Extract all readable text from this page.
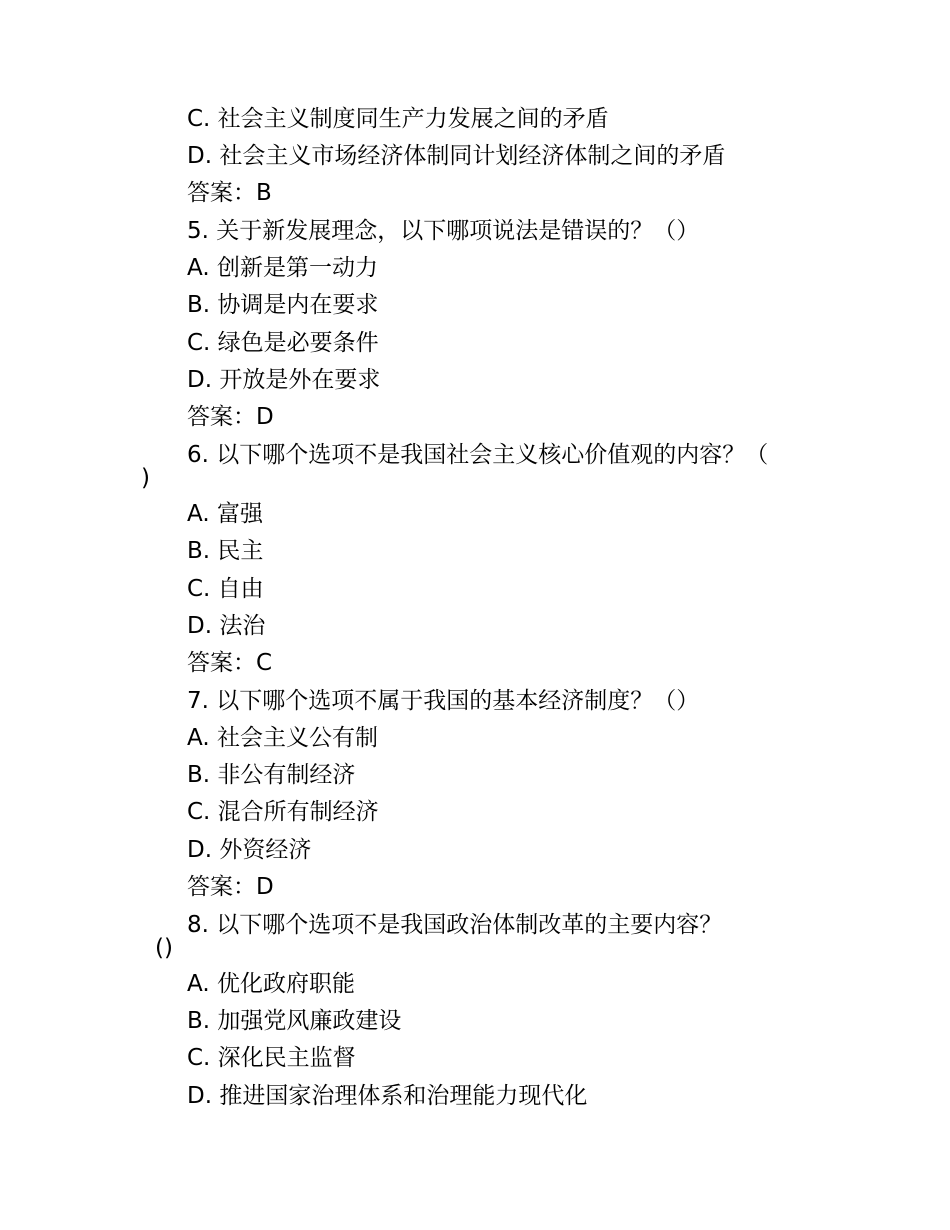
C. 社会主义制度同生产力发展之间的矛盾
D. 社会主义市场经济体制同计划经济体制之间的矛盾
答案：B
5. 关于新发展理念，以下哪项说法是错误的？（）
A. 创新是第一动力
B. 协调是内在要求
C. 绿色是必要条件
D. 开放是外在要求
答案：D
6. 以下哪个选项不是我国社会主义核心价值观的内容？（
)
A. 富强
B. 民主
C. 自由
D. 法治
答案：C
7. 以下哪个选项不属于我国的基本经济制度？（）
A. 社会主义公有制
B. 非公有制经济
C. 混合所有制经济
D. 外资经济
答案：D
8. 以下哪个选项不是我国政治体制改革的主要内容？
()
A. 优化政府职能
B. 加强党风廉政建设
C. 深化民主监督
D. 推进国家治理体系和治理能力现代化
